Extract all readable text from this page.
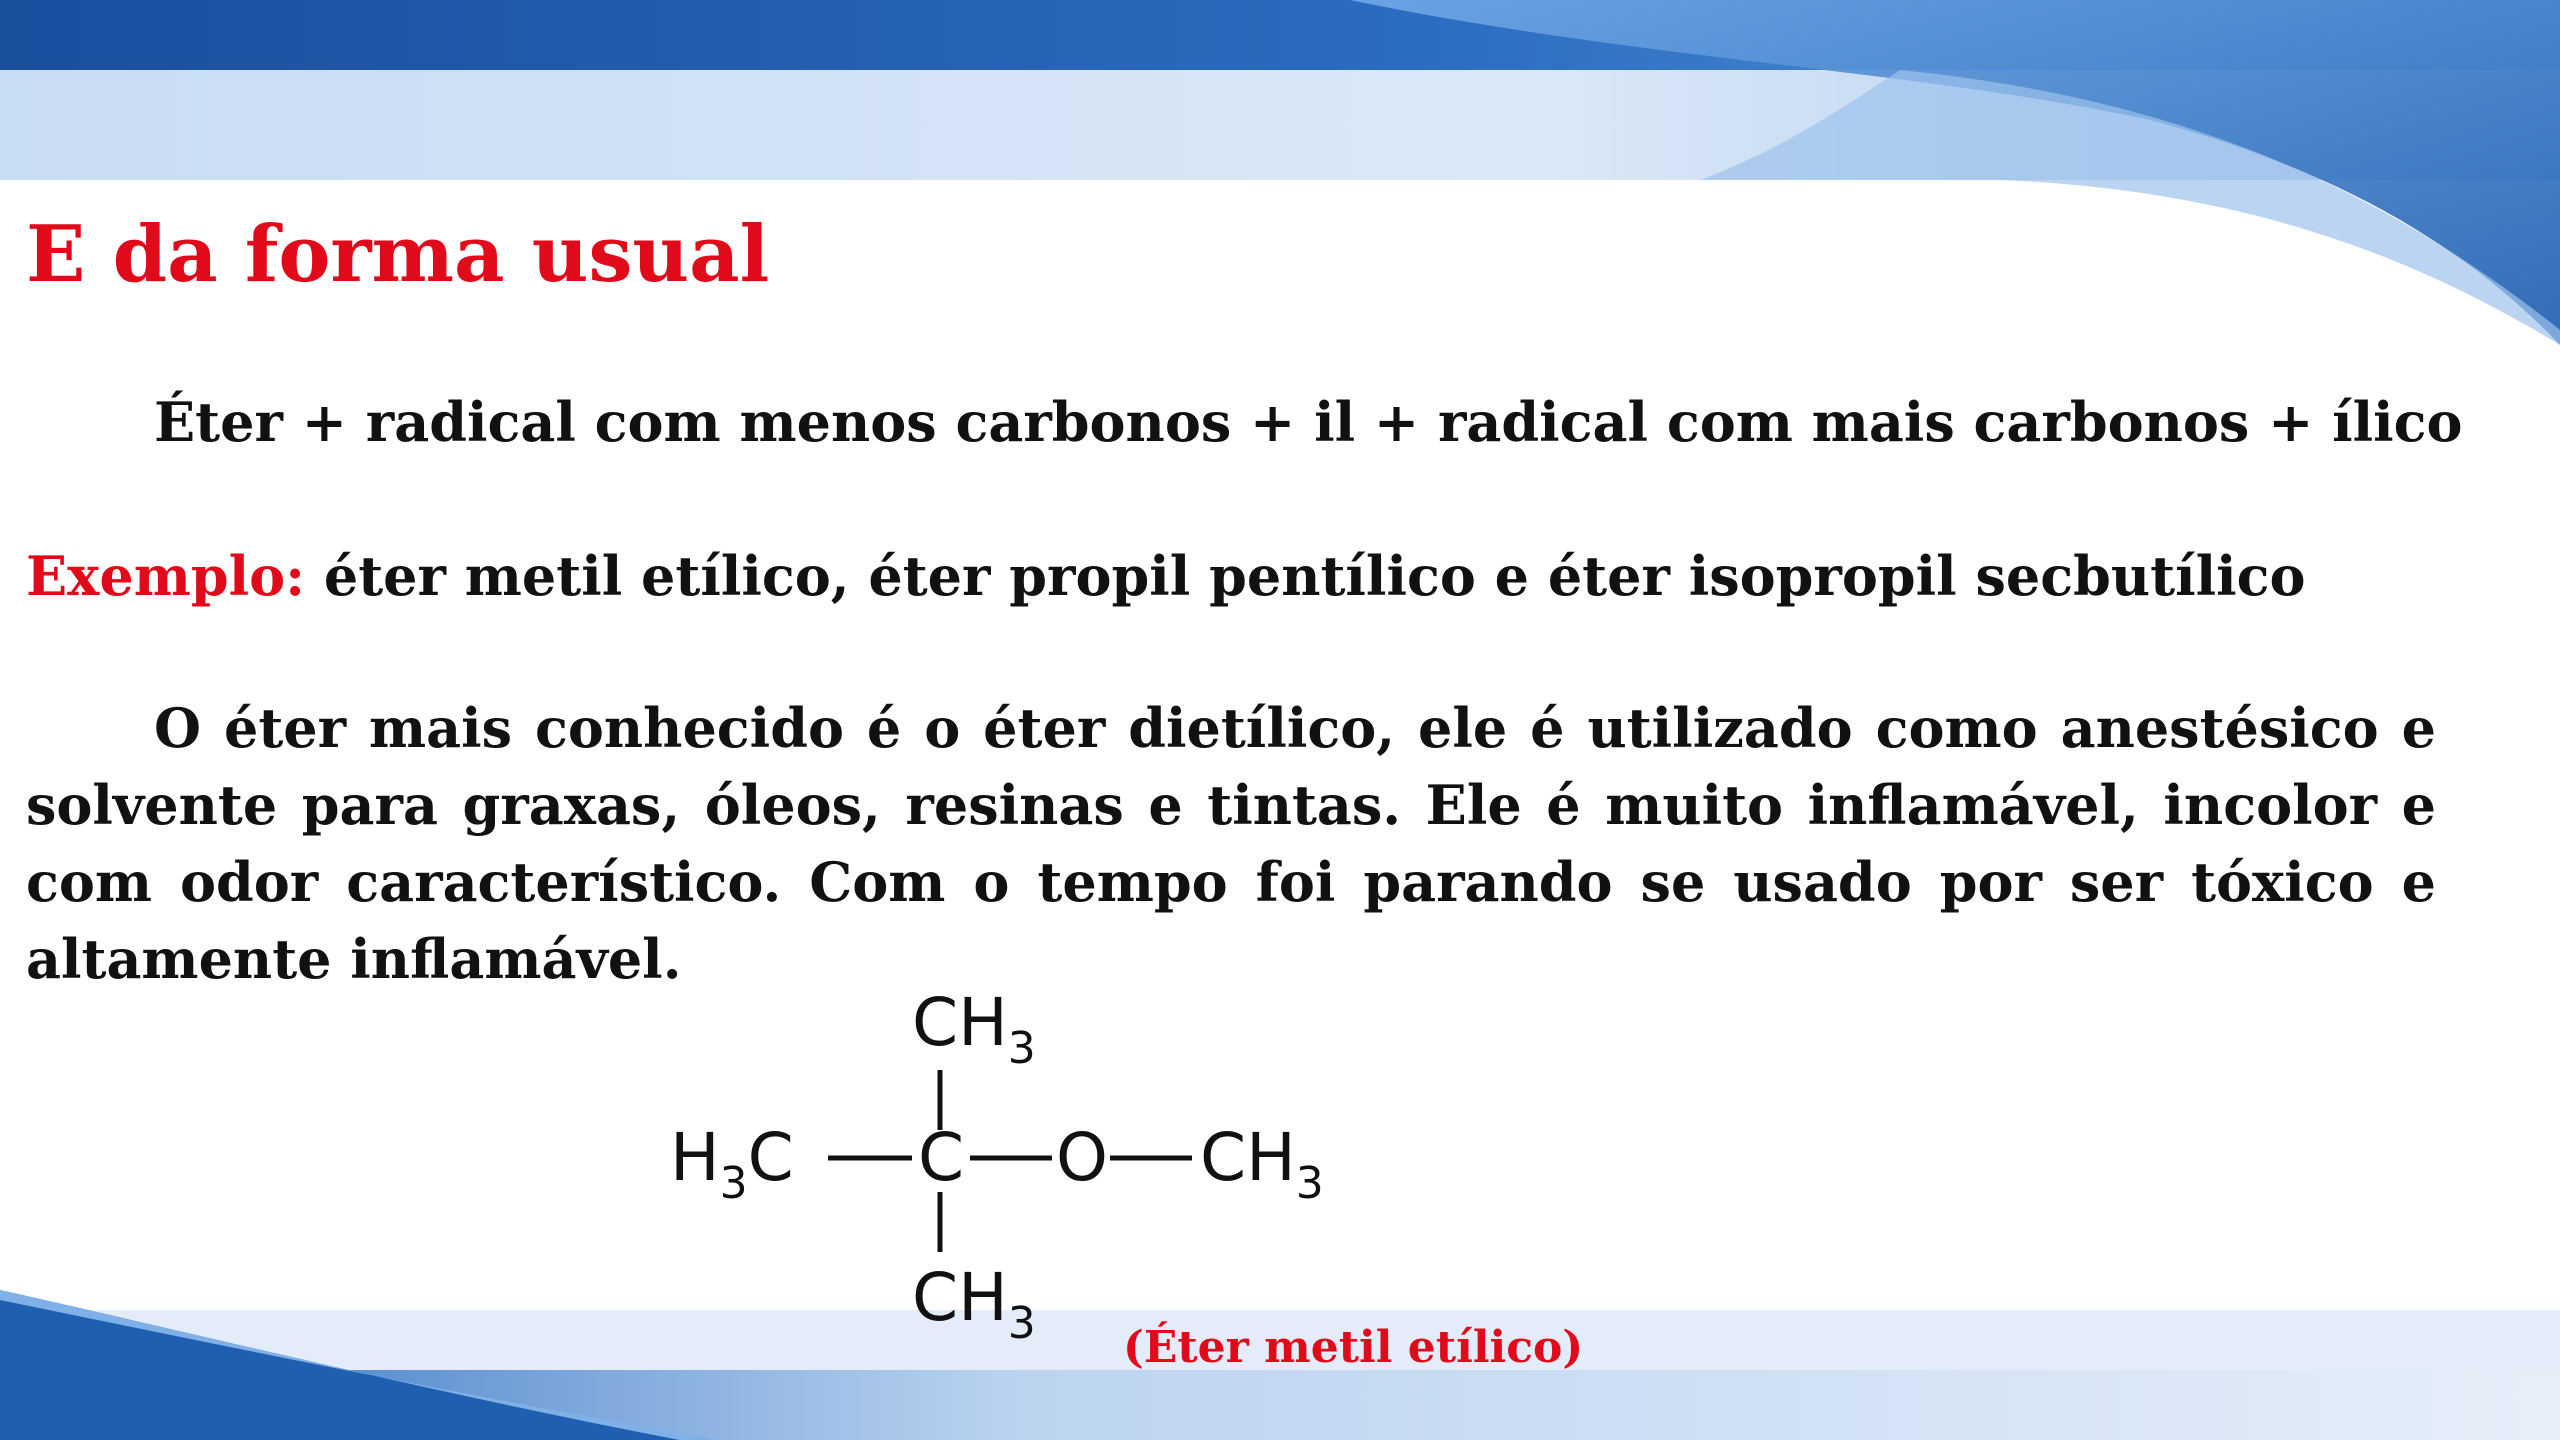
E da forma usual
Éter + radical com menos carbonos + il + radical com mais carbonos + ílico
Exemplo: éter metil etílico, éter propil pentílico e éter isopropil secbutílico

O éter mais conhecido é o éter dietílico, ele é utilizado como anestésico e solvente para graxas, óleos, resinas e tintas. Ele é muito inflamável, incolor e com odor característico. Com o tempo foi parando se usado por ser tóxico e altamente inflamável.

$CH_3$
$H_3C$ C O $CH_3$
$CH_3$ (Éter metil etílico)
